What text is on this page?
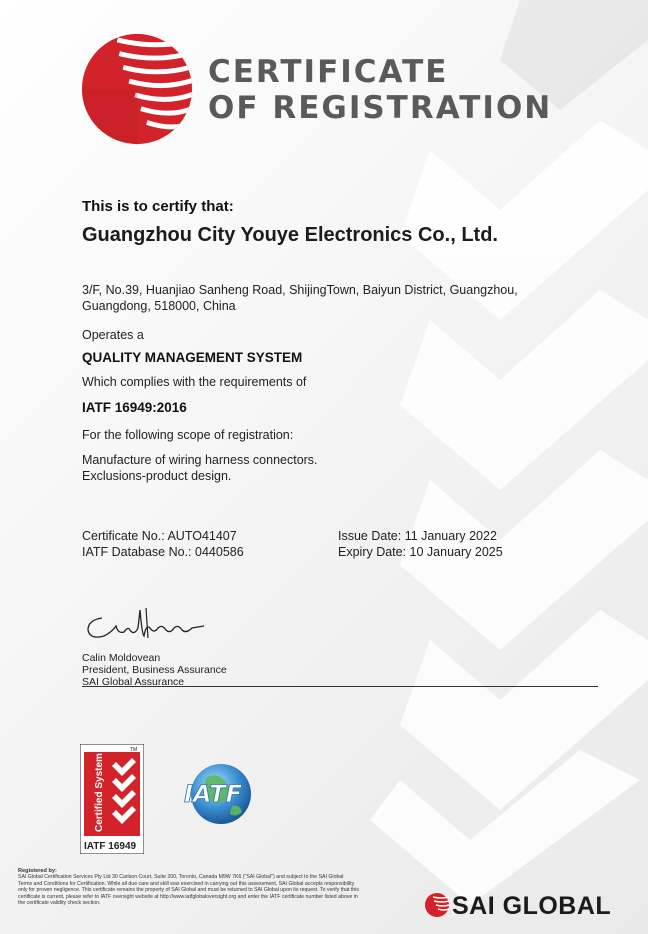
CERTIFICATE
OF REGISTRATION
This is to certify that:
Guangzhou City Youye Electronics Co., Ltd.
3/F, No.39, Huanjiao Sanheng Road, ShijingTown, Baiyun District, Guangzhou,
Guangdong, 518000, China
Operates a
QUALITY MANAGEMENT SYSTEM
Which complies with the requirements of
IATF 16949:2016
For the following scope of registration:
Manufacture of wiring harness connectors.
Exclusions-product design.
Certificate No.: AUTO41407
IATF Database No.: 0440586
Issue Date: 11 January 2022
Expiry Date: 10 January 2025
Calin Moldovean
President, Business Assurance
SAI Global Assurance
Certified System
TM
IATF 16949
IATF
Registered by:
SAI Global Certification Services Pty Ltd 30 Carlson Court, Suite 200, Toronto, Canada M9W 7K6 ("SAI Global") and subject to the SAI Global
Terms and Conditions for Certification. While all due care and skill was exercised in carrying out this assessment, SAI Global accepts responsibility
only for proven negligence. This certificate remains the property of SAI Global and must be returned to SAI Global upon its request. To verify that this
certificate is current, please refer to IATF oversight website at http://www.iatfglobaloversight.org and enter the IATF certificate number listed above in
the certificate validity check section.	SAI GLOBAL
